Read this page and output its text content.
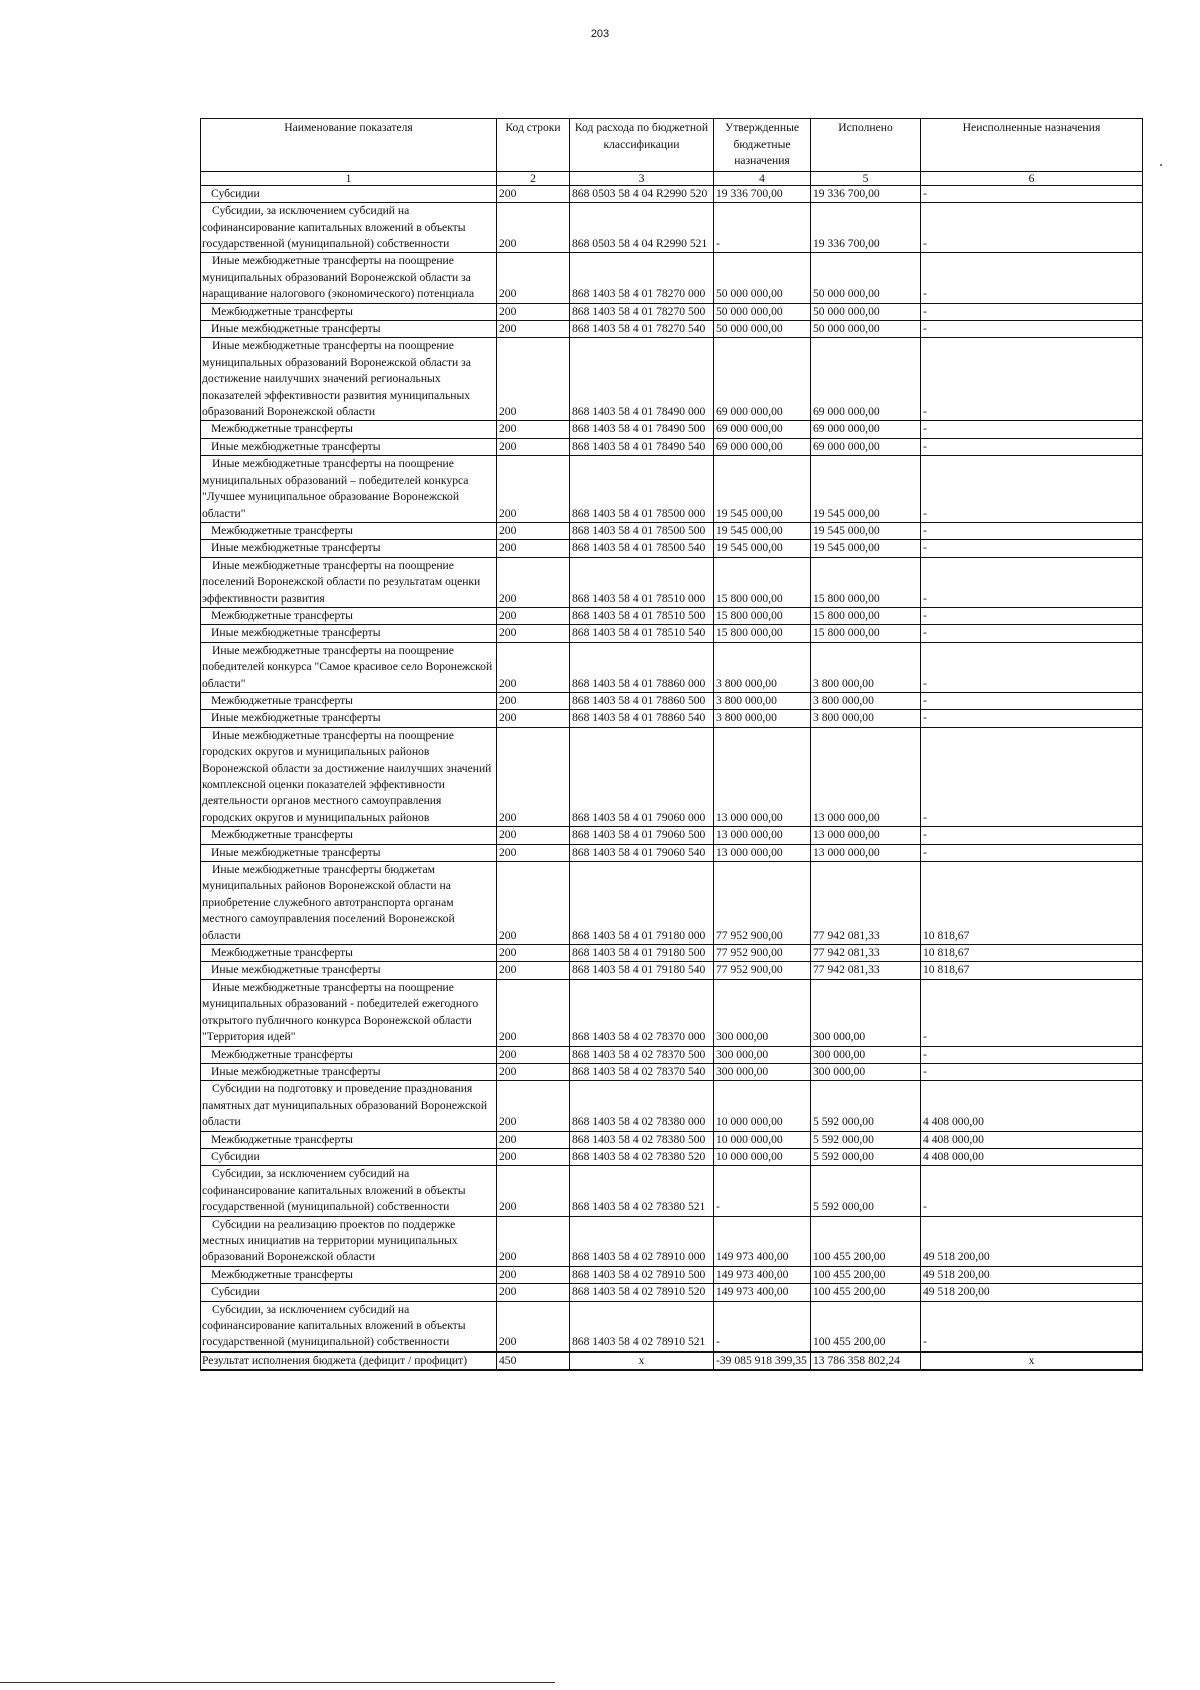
203
Наименование показателя	Код строки	Код расхода по бюджетной классификации	Утвержденные бюджетные назначения	Исполнено	Неисполненные назначения
1	2	3	4	5	6
Субсидии	200	868 0503 58 4 04 R2990 520	19 336 700,00	19 336 700,00	-
Субсидии, за исключением субсидий на софинансирование капитальных вложений в объекты государственной (муниципальной) собственности	200	868 0503 58 4 04 R2990 521	-	19 336 700,00	-
Иные межбюджетные трансферты на поощрение муниципальных образований Воронежской области за наращивание налогового (экономического) потенциала	200	868 1403 58 4 01 78270 000	50 000 000,00	50 000 000,00	-
Межбюджетные трансферты	200	868 1403 58 4 01 78270 500	50 000 000,00	50 000 000,00	-
Иные межбюджетные трансферты	200	868 1403 58 4 01 78270 540	50 000 000,00	50 000 000,00	-
Иные межбюджетные трансферты на поощрение муниципальных образований Воронежской области за достижение наилучших значений региональных показателей эффективности развития муниципальных образований Воронежской области	200	868 1403 58 4 01 78490 000	69 000 000,00	69 000 000,00	-
Межбюджетные трансферты	200	868 1403 58 4 01 78490 500	69 000 000,00	69 000 000,00	-
Иные межбюджетные трансферты	200	868 1403 58 4 01 78490 540	69 000 000,00	69 000 000,00	-
Иные межбюджетные трансферты на поощрение муниципальных образований – победителей конкурса "Лучшее муниципальное образование Воронежской области"	200	868 1403 58 4 01 78500 000	19 545 000,00	19 545 000,00	-
Межбюджетные трансферты	200	868 1403 58 4 01 78500 500	19 545 000,00	19 545 000,00	-
Иные межбюджетные трансферты	200	868 1403 58 4 01 78500 540	19 545 000,00	19 545 000,00	-
Иные межбюджетные трансферты на поощрение поселений Воронежской области по результатам оценки эффективности развития	200	868 1403 58 4 01 78510 000	15 800 000,00	15 800 000,00	-
Межбюджетные трансферты	200	868 1403 58 4 01 78510 500	15 800 000,00	15 800 000,00	-
Иные межбюджетные трансферты	200	868 1403 58 4 01 78510 540	15 800 000,00	15 800 000,00	-
Иные межбюджетные трансферты на поощрение победителей конкурса "Самое красивое село Воронежской области"	200	868 1403 58 4 01 78860 000	3 800 000,00	3 800 000,00	-
Межбюджетные трансферты	200	868 1403 58 4 01 78860 500	3 800 000,00	3 800 000,00	-
Иные межбюджетные трансферты	200	868 1403 58 4 01 78860 540	3 800 000,00	3 800 000,00	-
Иные межбюджетные трансферты на поощрение городских округов и муниципальных районов Воронежской области за достижение наилучших значений комплексной оценки показателей эффективности деятельности органов местного самоуправления городских округов и муниципальных районов	200	868 1403 58 4 01 79060 000	13 000 000,00	13 000 000,00	-
Межбюджетные трансферты	200	868 1403 58 4 01 79060 500	13 000 000,00	13 000 000,00	-
Иные межбюджетные трансферты	200	868 1403 58 4 01 79060 540	13 000 000,00	13 000 000,00	-
Иные межбюджетные трансферты бюджетам муниципальных районов Воронежской области на приобретение служебного автотранспорта органам местного самоуправления поселений Воронежской области	200	868 1403 58 4 01 79180 000	77 952 900,00	77 942 081,33	10 818,67
Межбюджетные трансферты	200	868 1403 58 4 01 79180 500	77 952 900,00	77 942 081,33	10 818,67
Иные межбюджетные трансферты	200	868 1403 58 4 01 79180 540	77 952 900,00	77 942 081,33	10 818,67
Иные межбюджетные трансферты на поощрение муниципальных образований - победителей ежегодного открытого публичного конкурса Воронежской области "Территория идей"	200	868 1403 58 4 02 78370 000	300 000,00	300 000,00	-
Межбюджетные трансферты	200	868 1403 58 4 02 78370 500	300 000,00	300 000,00	-
Иные межбюджетные трансферты	200	868 1403 58 4 02 78370 540	300 000,00	300 000,00	-
Субсидии на подготовку и проведение празднования памятных дат муниципальных образований Воронежской области	200	868 1403 58 4 02 78380 000	10 000 000,00	5 592 000,00	4 408 000,00
Межбюджетные трансферты	200	868 1403 58 4 02 78380 500	10 000 000,00	5 592 000,00	4 408 000,00
Субсидии	200	868 1403 58 4 02 78380 520	10 000 000,00	5 592 000,00	4 408 000,00
Субсидии, за исключением субсидий на софинансирование капитальных вложений в объекты государственной (муниципальной) собственности	200	868 1403 58 4 02 78380 521	-	5 592 000,00	-
Субсидии на реализацию проектов по поддержке местных инициатив на территории муниципальных образований Воронежской области	200	868 1403 58 4 02 78910 000	149 973 400,00	100 455 200,00	49 518 200,00
Межбюджетные трансферты	200	868 1403 58 4 02 78910 500	149 973 400,00	100 455 200,00	49 518 200,00
Субсидии	200	868 1403 58 4 02 78910 520	149 973 400,00	100 455 200,00	49 518 200,00
Субсидии, за исключением субсидий на софинансирование капитальных вложений в объекты государственной (муниципальной) собственности	200	868 1403 58 4 02 78910 521	-	100 455 200,00	-
Результат исполнения бюджета (дефицит / профицит)	450	x	-39 085 918 399,35	13 786 358 802,24	x
